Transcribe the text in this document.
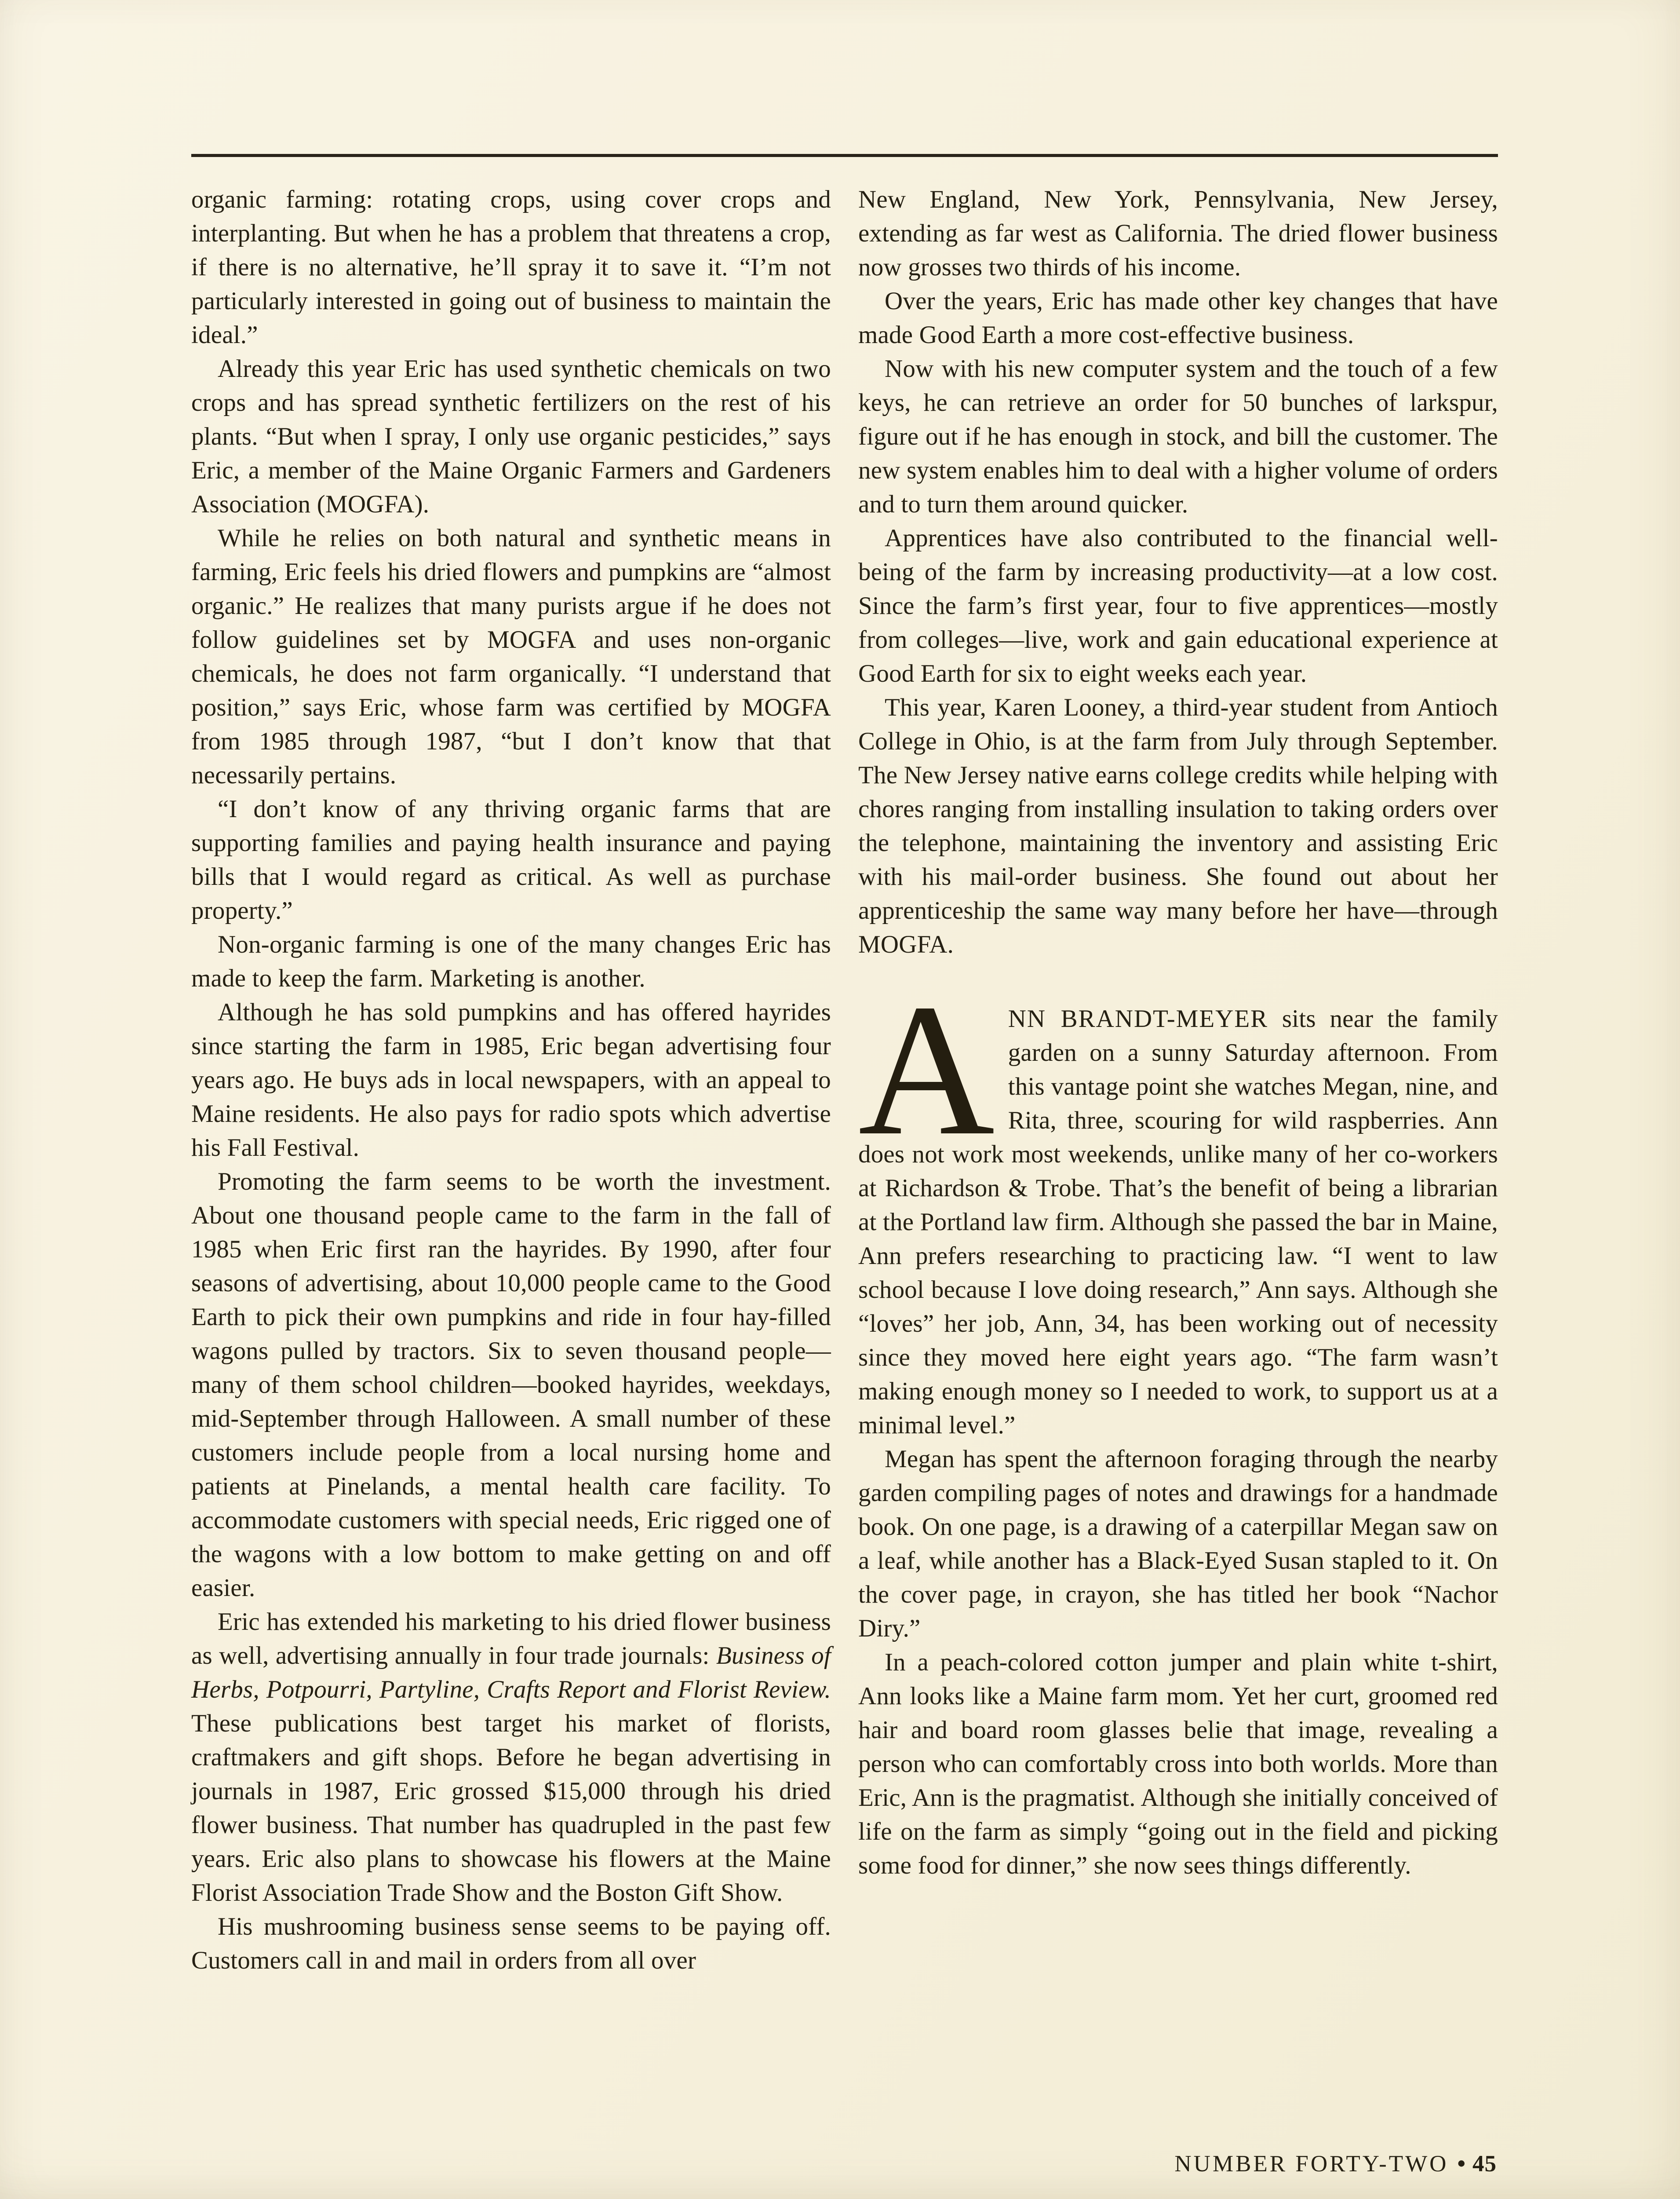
organic farming: rotating crops, using cover crops and interplanting. But when he has a problem that threatens a crop, if there is no alternative, he’ll spray it to save it. “I’m not particularly interested in going out of business to maintain the ideal.”

Already this year Eric has used synthetic chemicals on two crops and has spread synthetic fertilizers on the rest of his plants. “But when I spray, I only use organic pesticides,” says Eric, a member of the Maine Organic Farmers and Gardeners Association (MOGFA).

While he relies on both natural and synthetic means in farming, Eric feels his dried flowers and pumpkins are “almost organic.” He realizes that many purists argue if he does not follow guidelines set by MOGFA and uses non-organic chemicals, he does not farm organically. “I understand that position,” says Eric, whose farm was certified by MOGFA from 1985 through 1987, “but I don’t know that that necessarily pertains.

“I don’t know of any thriving organic farms that are supporting families and paying health insurance and paying bills that I would regard as critical. As well as purchase property.”

Non-organic farming is one of the many changes Eric has made to keep the farm. Marketing is another.

Although he has sold pumpkins and has offered hayrides since starting the farm in 1985, Eric began advertising four years ago. He buys ads in local newspapers, with an appeal to Maine residents. He also pays for radio spots which advertise his Fall Festival.

Promoting the farm seems to be worth the investment. About one thousand people came to the farm in the fall of 1985 when Eric first ran the hayrides. By 1990, after four seasons of advertising, about 10,000 people came to the Good Earth to pick their own pumpkins and ride in four hay-filled wagons pulled by tractors. Six to seven thousand people—many of them school children—booked hayrides, weekdays, mid-September through Halloween. A small number of these customers include people from a local nursing home and patients at Pinelands, a mental health care facility. To accommodate customers with special needs, Eric rigged one of the wagons with a low bottom to make getting on and off easier.

Eric has extended his marketing to his dried flower business as well, advertising annually in four trade journals: Business of Herbs, Potpourri, Partyline, Crafts Report and Florist Review. These publications best target his market of florists, craftmakers and gift shops. Before he began advertising in journals in 1987, Eric grossed $15,000 through his dried flower business. That number has quadrupled in the past few years. Eric also plans to showcase his flowers at the Maine Florist Association Trade Show and the Boston Gift Show.

His mushrooming business sense seems to be paying off. Customers call in and mail in orders from all over

New England, New York, Pennsylvania, New Jersey, extending as far west as California. The dried flower business now grosses two thirds of his income.

Over the years, Eric has made other key changes that have made Good Earth a more cost-effective business.

Now with his new computer system and the touch of a few keys, he can retrieve an order for 50 bunches of larkspur, figure out if he has enough in stock, and bill the customer. The new system enables him to deal with a higher volume of orders and to turn them around quicker.

Apprentices have also contributed to the financial well-being of the farm by increasing productivity—at a low cost. Since the farm’s first year, four to five apprentices—mostly from colleges—live, work and gain educational experience at Good Earth for six to eight weeks each year.

This year, Karen Looney, a third-year student from Antioch College in Ohio, is at the farm from July through September. The New Jersey native earns college credits while helping with chores ranging from installing insulation to taking orders over the telephone, maintaining the inventory and assisting Eric with his mail-order business. She found out about her apprenticeship the same way many before her have—through MOGFA.

ANN BRANDT-MEYER sits near the family garden on a sunny Saturday afternoon. From this vantage point she watches Megan, nine, and Rita, three, scouring for wild raspberries. Ann does not work most weekends, unlike many of her co-workers at Richardson & Trobe. That’s the benefit of being a librarian at the Portland law firm. Although she passed the bar in Maine, Ann prefers researching to practicing law. “I went to law school because I love doing research,” Ann says. Although she “loves” her job, Ann, 34, has been working out of necessity since they moved here eight years ago. “The farm wasn’t making enough money so I needed to work, to support us at a minimal level.”

Megan has spent the afternoon foraging through the nearby garden compiling pages of notes and drawings for a handmade book. On one page, is a drawing of a caterpillar Megan saw on a leaf, while another has a Black-Eyed Susan stapled to it. On the cover page, in crayon, she has titled her book “Nachor Diry.”

In a peach-colored cotton jumper and plain white t-shirt, Ann looks like a Maine farm mom. Yet her curt, groomed red hair and board room glasses belie that image, revealing a person who can comfortably cross into both worlds. More than Eric, Ann is the pragmatist. Although she initially conceived of life on the farm as simply “going out in the field and picking some food for dinner,” she now sees things differently.

NUMBER FORTY-TWO • 45
